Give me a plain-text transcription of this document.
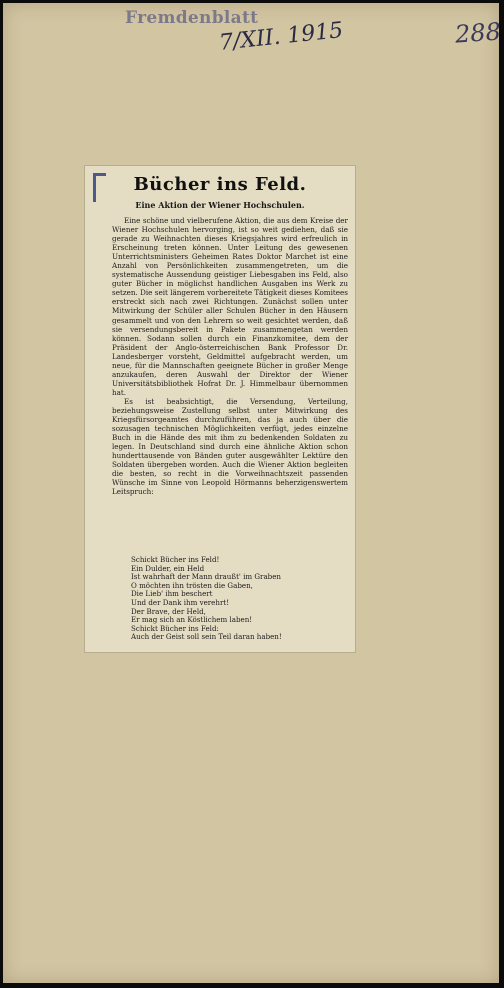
Fremdenblatt
7/XII. 1915	288
Bücher ins Feld.
Eine Aktion der Wiener Hochschulen.

Eine schöne und vielberufene Aktion, die aus dem Kreise der Wiener Hochschulen hervorging, ist so weit gediehen, daß sie gerade zu Weihnachten dieses Kriegsjahres wird erfreulich in Erscheinung treten können. Unter Leitung des gewesenen Unterrichtsministers Geheimen Rates Doktor Marchet ist eine Anzahl von Persönlichkeiten zusammengetreten, um die systematische Aussendung geistiger Liebesgaben ins Feld, also guter Bücher in möglichst handlichen Ausgaben ins Werk zu setzen. Die seit längerem vorbereitete Tätigkeit dieses Komitees erstreckt sich nach zwei Richtungen. Zunächst sollen unter Mitwirkung der Schüler aller Schulen Bücher in den Häusern gesammelt und von den Lehrern so weit gesichtet werden, daß sie versendungsbereit in Pakete zusammengetan werden können. Sodann sollen durch ein Finanzkomitee, dem der Präsident der Anglo-österreichischen Bank Professor Dr. Landesberger vorsteht, Geldmittel aufgebracht werden, um neue, für die Mannschaften geeignete Bücher in großer Menge anzukaufen, deren Auswahl der Direktor der Wiener Universitätsbibliothek Hofrat Dr. J. Himmelbaur übernommen hat.

Es ist beabsichtigt, die Versendung, Verteilung, beziehungsweise Zustellung selbst unter Mitwirkung des Kriegsfürsorgeamtes durchzuführen, das ja auch über die sozusagen technischen Möglichkeiten verfügt, jedes einzelne Buch in die Hände des mit ihm zu bedenkenden Soldaten zu legen. In Deutschland sind durch eine ähnliche Aktion schon hunderttausende von Bänden guter ausgewählter Lektüre den Soldaten übergeben worden. Auch die Wiener Aktion begleiten die besten, so recht in die Vorweihnachtszeit passenden Wünsche im Sinne von Leopold Hörmanns beherzigenswertem Leitspruch:

Schickt Bücher ins Feld!
Ein Dulder, ein Held
Ist wahrhaft der Mann draußt' im Graben
O möchten ihn trösten die Gaben,
Die Lieb' ihm beschert
Und der Dank ihm verehrt!
Der Brave, der Held,
Er mag sich an Köstlichem laben!
Schickt Bücher ins Feld:
Auch der Geist soll sein Teil daran haben!
